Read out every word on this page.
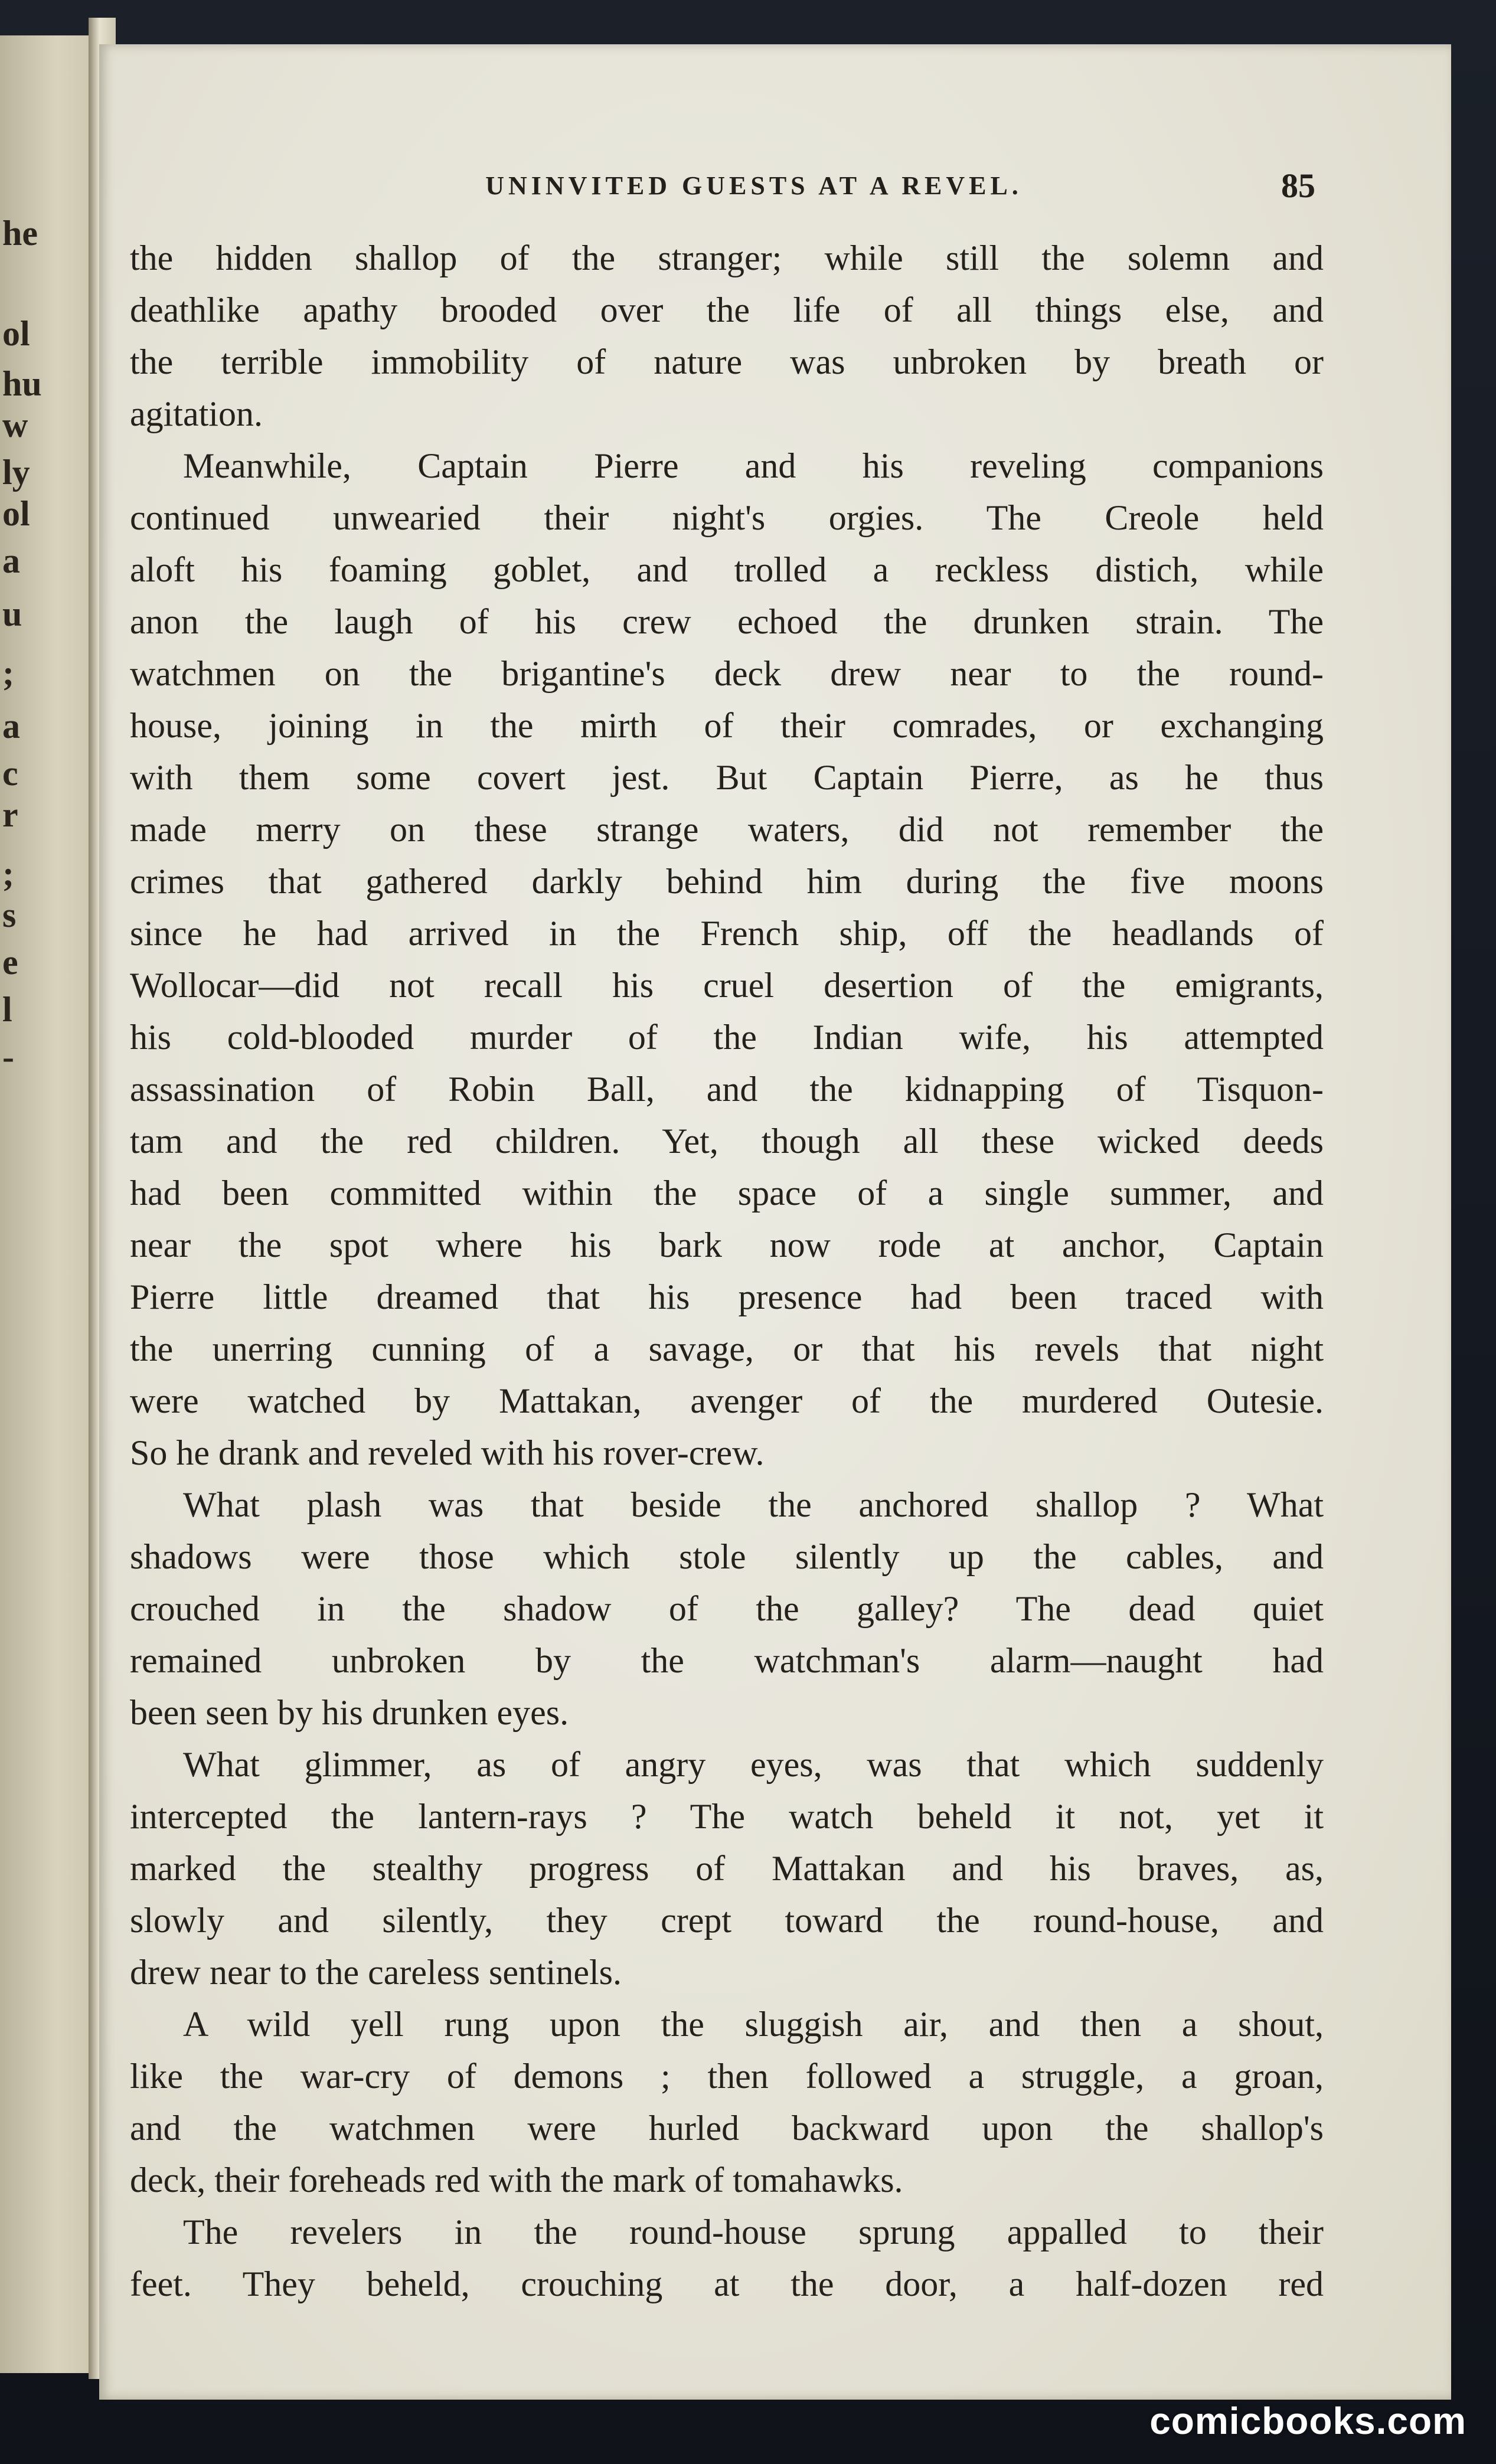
he
ol
hu
w
ly
ol
a
u
;
a
c
r
;
s
e
l
-
UNINVITED GUESTS AT A REVEL.	85
the hidden shallop of the stranger; while still the solemn and
deathlike apathy brooded over the life of all things else, and
the terrible immobility of nature was unbroken by breath or
agitation.
Meanwhile, Captain Pierre and his reveling companions
continued unwearied their night's orgies. The Creole held
aloft his foaming goblet, and trolled a reckless distich, while
anon the laugh of his crew echoed the drunken strain. The
watchmen on the brigantine's deck drew near to the round-
house, joining in the mirth of their comrades, or exchanging
with them some covert jest. But Captain Pierre, as he thus
made merry on these strange waters, did not remember the
crimes that gathered darkly behind him during the five moons
since he had arrived in the French ship, off the headlands of
Wollocar—did not recall his cruel desertion of the emigrants,
his cold-blooded murder of the Indian wife, his attempted
assassination of Robin Ball, and the kidnapping of Tisquon-
tam and the red children. Yet, though all these wicked deeds
had been committed within the space of a single summer, and
near the spot where his bark now rode at anchor, Captain
Pierre little dreamed that his presence had been traced with
the unerring cunning of a savage, or that his revels that night
were watched by Mattakan, avenger of the murdered Outesie.
So he drank and reveled with his rover-crew.
What plash was that beside the anchored shallop ? What
shadows were those which stole silently up the cables, and
crouched in the shadow of the galley? The dead quiet
remained unbroken by the watchman's alarm—naught had
been seen by his drunken eyes.
What glimmer, as of angry eyes, was that which suddenly
intercepted the lantern-rays ? The watch beheld it not, yet it
marked the stealthy progress of Mattakan and his braves, as,
slowly and silently, they crept toward the round-house, and
drew near to the careless sentinels.
A wild yell rung upon the sluggish air, and then a shout,
like the war-cry of demons ; then followed a struggle, a groan,
and the watchmen were hurled backward upon the shallop's
deck, their foreheads red with the mark of tomahawks.
The revelers in the round-house sprung appalled to their
feet. They beheld, crouching at the door, a half-dozen red
comicbooks.com
